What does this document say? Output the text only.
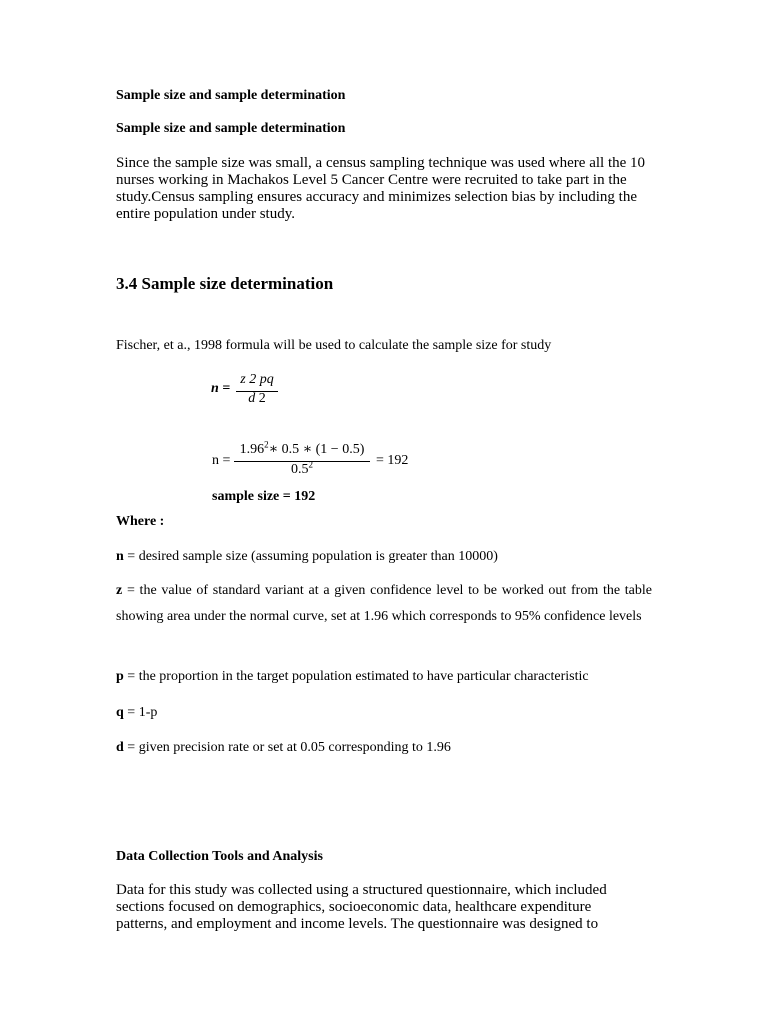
Sample size and sample determination

Sample size and sample determination

Since the sample size was small, a census sampling technique was used where all the 10 nurses working in Machakos Level 5 Cancer Centre were recruited to take part in the study.Census sampling ensures accuracy and minimizes selection bias by including the entire population under study.

3.4 Sample size determination

Fischer, et a., 1998 formula will be used to calculate the sample size for study

n =
z 2 pq
d 2
n =
$1.96^2∗$ 0.5 ∗ (1 − 0.5)
$0.5^2$	= 192

sample size = 192

Where :

n = desired sample size (assuming population is greater than 10000)

z = the value of standard variant at a given confidence level to be worked out from the table showing area under the normal curve, set at 1.96 which corresponds to 95% confidence levels

p = the proportion in the target population estimated to have particular characteristic

q = 1-p

d = given precision rate or set at 0.05 corresponding to 1.96

Data Collection Tools and Analysis

Data for this study was collected using a structured questionnaire, which included sections focused on demographics, socioeconomic data, healthcare expenditure patterns, and employment and income levels. The questionnaire was designed to
